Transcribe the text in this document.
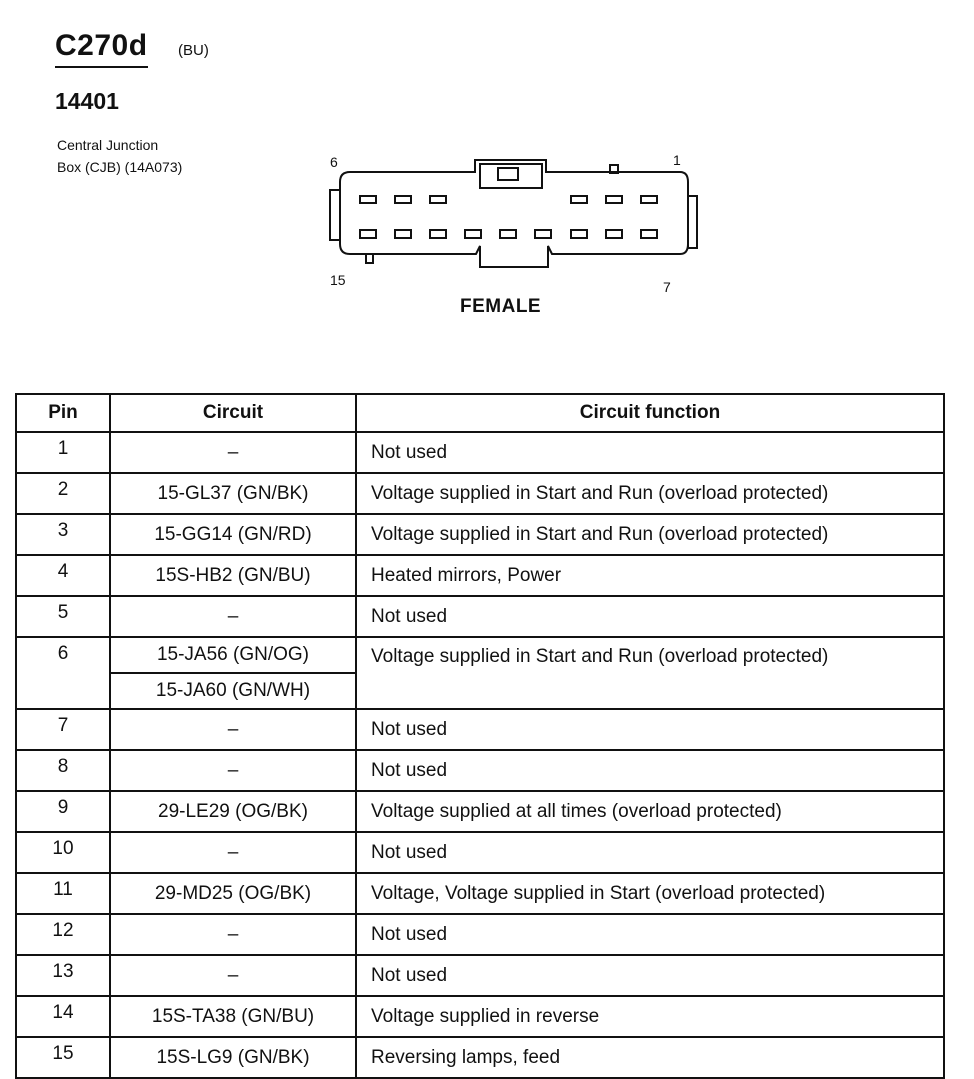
C270d (BU)
14401
Central Junction
Box (CJB) (14A073)	6	1
15	7
FEMALE
Pin	Circuit	Circuit function
1	–	Not used
2	15-GL37 (GN/BK)	Voltage supplied in Start and Run (overload protected)
3	15-GG14 (GN/RD)	Voltage supplied in Start and Run (overload protected)
4	15S-HB2 (GN/BU)	Heated mirrors, Power
5	–	Not used
6	15-JA56 (GN/OG)	Voltage supplied in Start and Run (overload protected)
	15-JA60 (GN/WH)	
7	–	Not used
8	–	Not used
9	29-LE29 (OG/BK)	Voltage supplied at all times (overload protected)
10	–	Not used
11	29-MD25 (OG/BK)	Voltage, Voltage supplied in Start (overload protected)
12	–	Not used
13	–	Not used
14	15S-TA38 (GN/BU)	Voltage supplied in reverse
15	15S-LG9 (GN/BK)	Reversing lamps, feed
